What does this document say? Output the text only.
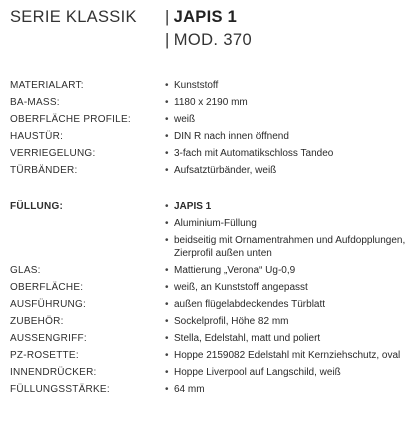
SERIE KLASSIK | JAPIS 1
| MOD. 370
MATERIALART:	• Kunststoff
BA-MASS:	• 1180 x 2190 mm
OBERFLÄCHE PROFILE:	• weiß
HAUSTÜR:	• DIN R nach innen öffnend
VERRIEGELUNG:	• 3-fach mit Automatikschloss Tandeo
TÜRBÄNDER:	• Aufsatztürbänder, weiß
FÜLLUNG:	• JAPIS 1
• Aluminium-Füllung
• beidseitig mit Ornamentrahmen und Aufdopplungen, Zierprofil außen unten
GLAS:	• Mattierung „Verona“ Ug-0,9
OBERFLÄCHE:	• weiß, an Kunststoff angepasst
AUSFÜHRUNG:	• außen flügelabdeckendes Türblatt
ZUBEHÖR:	• Sockelprofil, Höhe 82 mm
AUSSENGRIFF:	• Stella, Edelstahl, matt und poliert
PZ-ROSETTE:	• Hoppe 2159082 Edelstahl mit Kernziehschutz, oval
INNENDRÜCKER:	• Hoppe Liverpool auf Langschild, weiß
FÜLLUNGSSTÄRKE:	• 64 mm
